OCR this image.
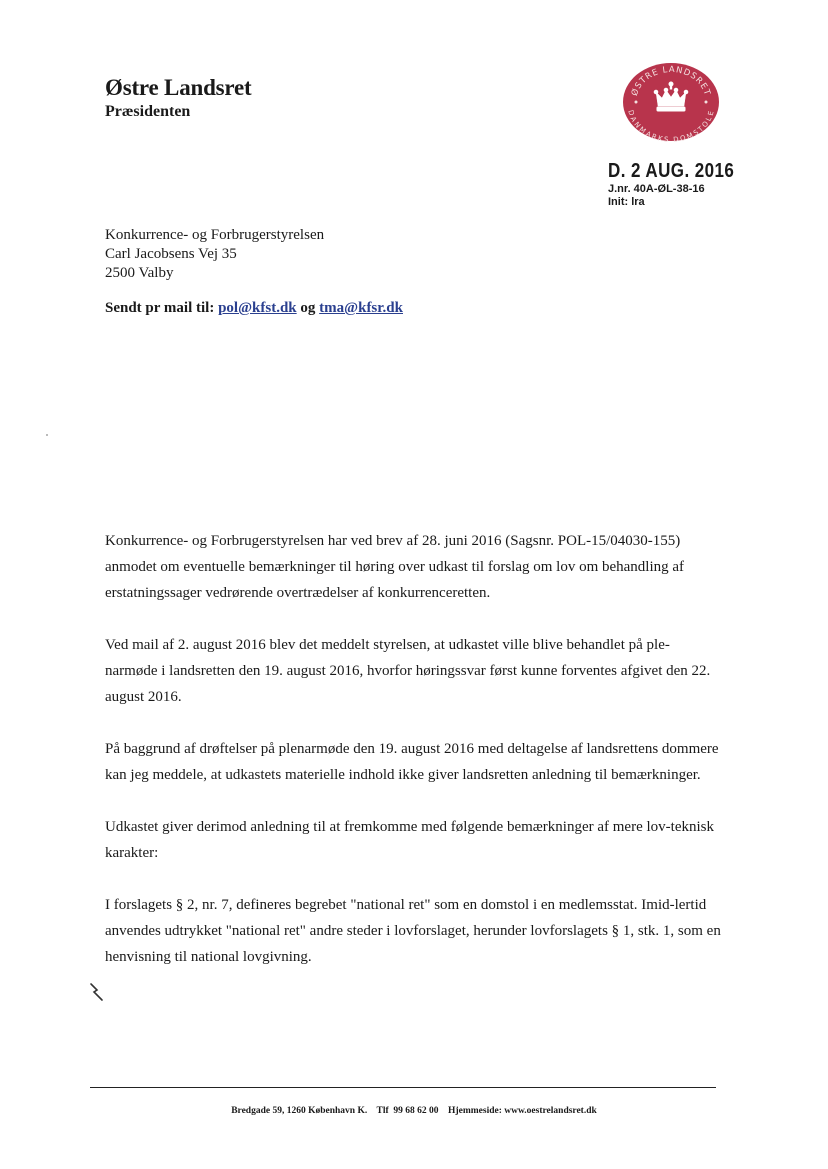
Østre Landsret
Præsidenten
ØSTRE LANDSRET
DANMARKS DOMSTOLE
D. 2 AUG. 2016
J.nr. 40A-ØL-38-16
Init: lra
Konkurrence- og Forbrugerstyrelsen
Carl Jacobsens Vej 35
2500 Valby
Sendt pr mail til: pol@kfst.dk og tma@kfsr.dk

Konkurrence- og Forbrugerstyrelsen har ved brev af 28. juni 2016 (Sagsnr. POL-15/04030-155) anmodet om eventuelle bemærkninger til høring over udkast til forslag om lov om behandling af erstatningssager vedrørende overtrædelser af konkurrenceretten.

Ved mail af 2. august 2016 blev det meddelt styrelsen, at udkastet ville blive behandlet på ple-narmøde i landsretten den 19. august 2016, hvorfor høringssvar først kunne forventes afgivet den 22. august 2016.

På baggrund af drøftelser på plenarmøde den 19. august 2016 med deltagelse af landsrettens dommere kan jeg meddele, at udkastets materielle indhold ikke giver landsretten anledning til bemærkninger.

Udkastet giver derimod anledning til at fremkomme med følgende bemærkninger af mere lov-teknisk karakter:

I forslagets § 2, nr. 7, defineres begrebet "national ret" som en domstol i en medlemsstat. Imid-lertid anvendes udtrykket "national ret" andre steder i lovforslaget, herunder lovforslagets § 1, stk. 1, som en henvisning til national lovgivning.

Bredgade 59, 1260 København K.    Tlf  99 68 62 00    Hjemmeside: www.oestrelandsret.dk
